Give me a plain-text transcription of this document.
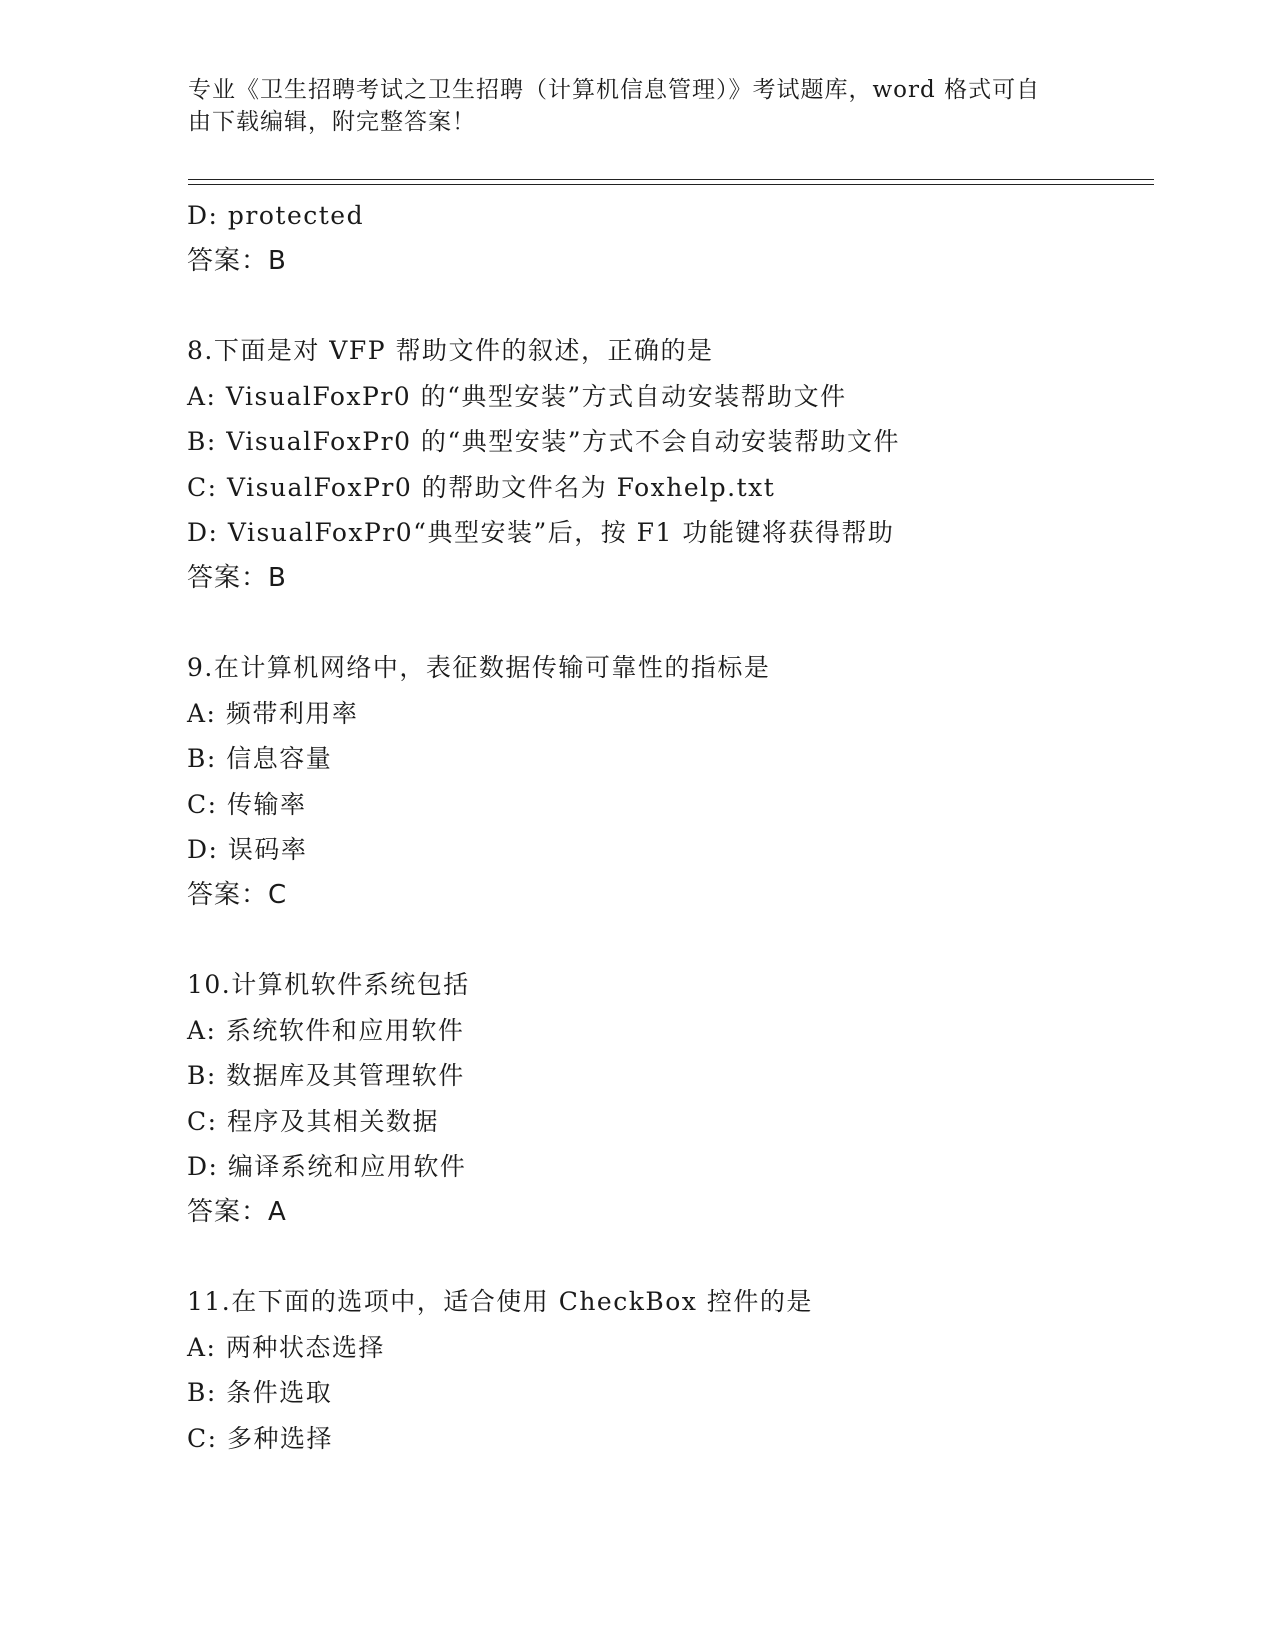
专业《卫生招聘考试之卫生招聘（计算机信息管理）》考试题库，word 格式可自
由下载编辑，附完整答案！
D: protected
答案：B
8.下面是对 VFP 帮助文件的叙述，正确的是
A: VisualFoxPr0 的“典型安装”方式自动安装帮助文件
B: VisualFoxPr0 的“典型安装”方式不会自动安装帮助文件
C: VisualFoxPr0 的帮助文件名为 Foxhelp.txt
D: VisualFoxPr0“典型安装”后，按 F1 功能键将获得帮助
答案：B
9.在计算机网络中，表征数据传输可靠性的指标是
A: 频带利用率
B: 信息容量
C: 传输率
D: 误码率
答案：C
10.计算机软件系统包括
A: 系统软件和应用软件
B: 数据库及其管理软件
C: 程序及其相关数据
D: 编译系统和应用软件
答案：A
11.在下面的选项中，适合使用 CheckBox 控件的是
A: 两种状态选择
B: 条件选取
C: 多种选择
